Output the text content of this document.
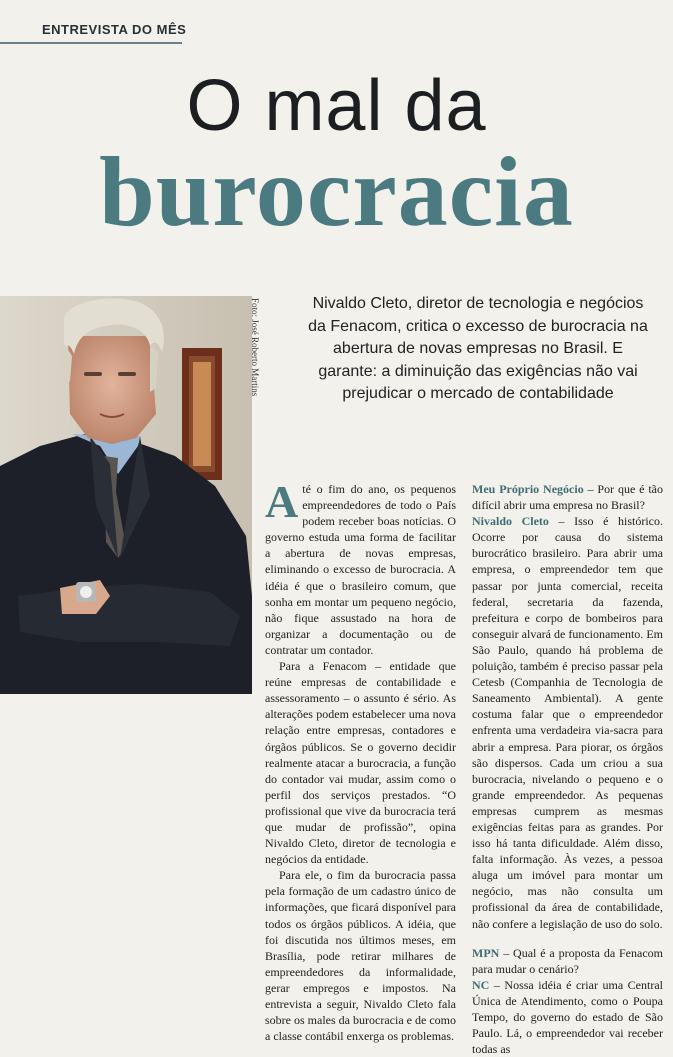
ENTREVISTA DO MÊS
O mal da
burocracia
Foto: José Roberto Martins	Nivaldo Cleto, diretor de tecnologia e negócios da Fenacom, critica o excesso de burocracia na abertura de novas empresas no Brasil. E garante: a diminuição das exigências não vai prejudicar o mercado de contabilidade

Até o fim do ano, os pequenos empreendedores de todo o País podem receber boas notícias. O governo estuda uma forma de facilitar a abertura de novas empresas, eliminando o excesso de burocracia. A idéia é que o brasileiro comum, que sonha em montar um pequeno negócio, não fique assustado na hora de organizar a documentação ou de contratar um contador.

Para a Fenacom – entidade que reúne empresas de contabilidade e assessoramento – o assunto é sério. As alterações podem estabelecer uma nova relação entre empresas, contadores e órgãos públicos. Se o governo decidir realmente atacar a burocracia, a função do contador vai mudar, assim como o perfil dos serviços prestados. “O profissional que vive da burocracia terá que mudar de profissão”, opina Nivaldo Cleto, diretor de tecnologia e negócios da entidade.

Para ele, o fim da burocracia passa pela formação de um cadastro único de informações, que ficará disponível para todos os órgãos públicos. A idéia, que foi discutida nos últimos meses, em Brasília, pode retirar milhares de empreendedores da informalidade, gerar empregos e impostos. Na entrevista a seguir, Nivaldo Cleto fala sobre os males da burocracia e de como a classe contábil enxerga os problemas.

Meu Próprio Negócio – Por que é tão difícil abrir uma empresa no Brasil?

Nivaldo Cleto – Isso é histórico. Ocorre por causa do sistema burocrático brasileiro. Para abrir uma empresa, o empreendedor tem que passar por junta comercial, receita federal, secretaria da fazenda, prefeitura e corpo de bombeiros para conseguir alvará de funcionamento. Em São Paulo, quando há problema de poluição, também é preciso passar pela Cetesb (Companhia de Tecnologia de Saneamento Ambiental). A gente costuma falar que o empreendedor enfrenta uma verdadeira via-sacra para abrir a empresa. Para piorar, os órgãos são dispersos. Cada um criou a sua burocracia, nivelando o pequeno e o grande empreendedor. As pequenas empresas cumprem as mesmas exigências feitas para as grandes. Por isso há tanta dificuldade. Além disso, falta informação. Às vezes, a pessoa aluga um imóvel para montar um negócio, mas não consulta um profissional da área de contabilidade, não confere a legislação de uso do solo.

MPN – Qual é a proposta da Fenacom para mudar o cenário?

NC – Nossa idéia é criar uma Central Única de Atendimento, como o Poupa Tempo, do governo do estado de São Paulo. Lá, o empreendedor vai receber todas as
